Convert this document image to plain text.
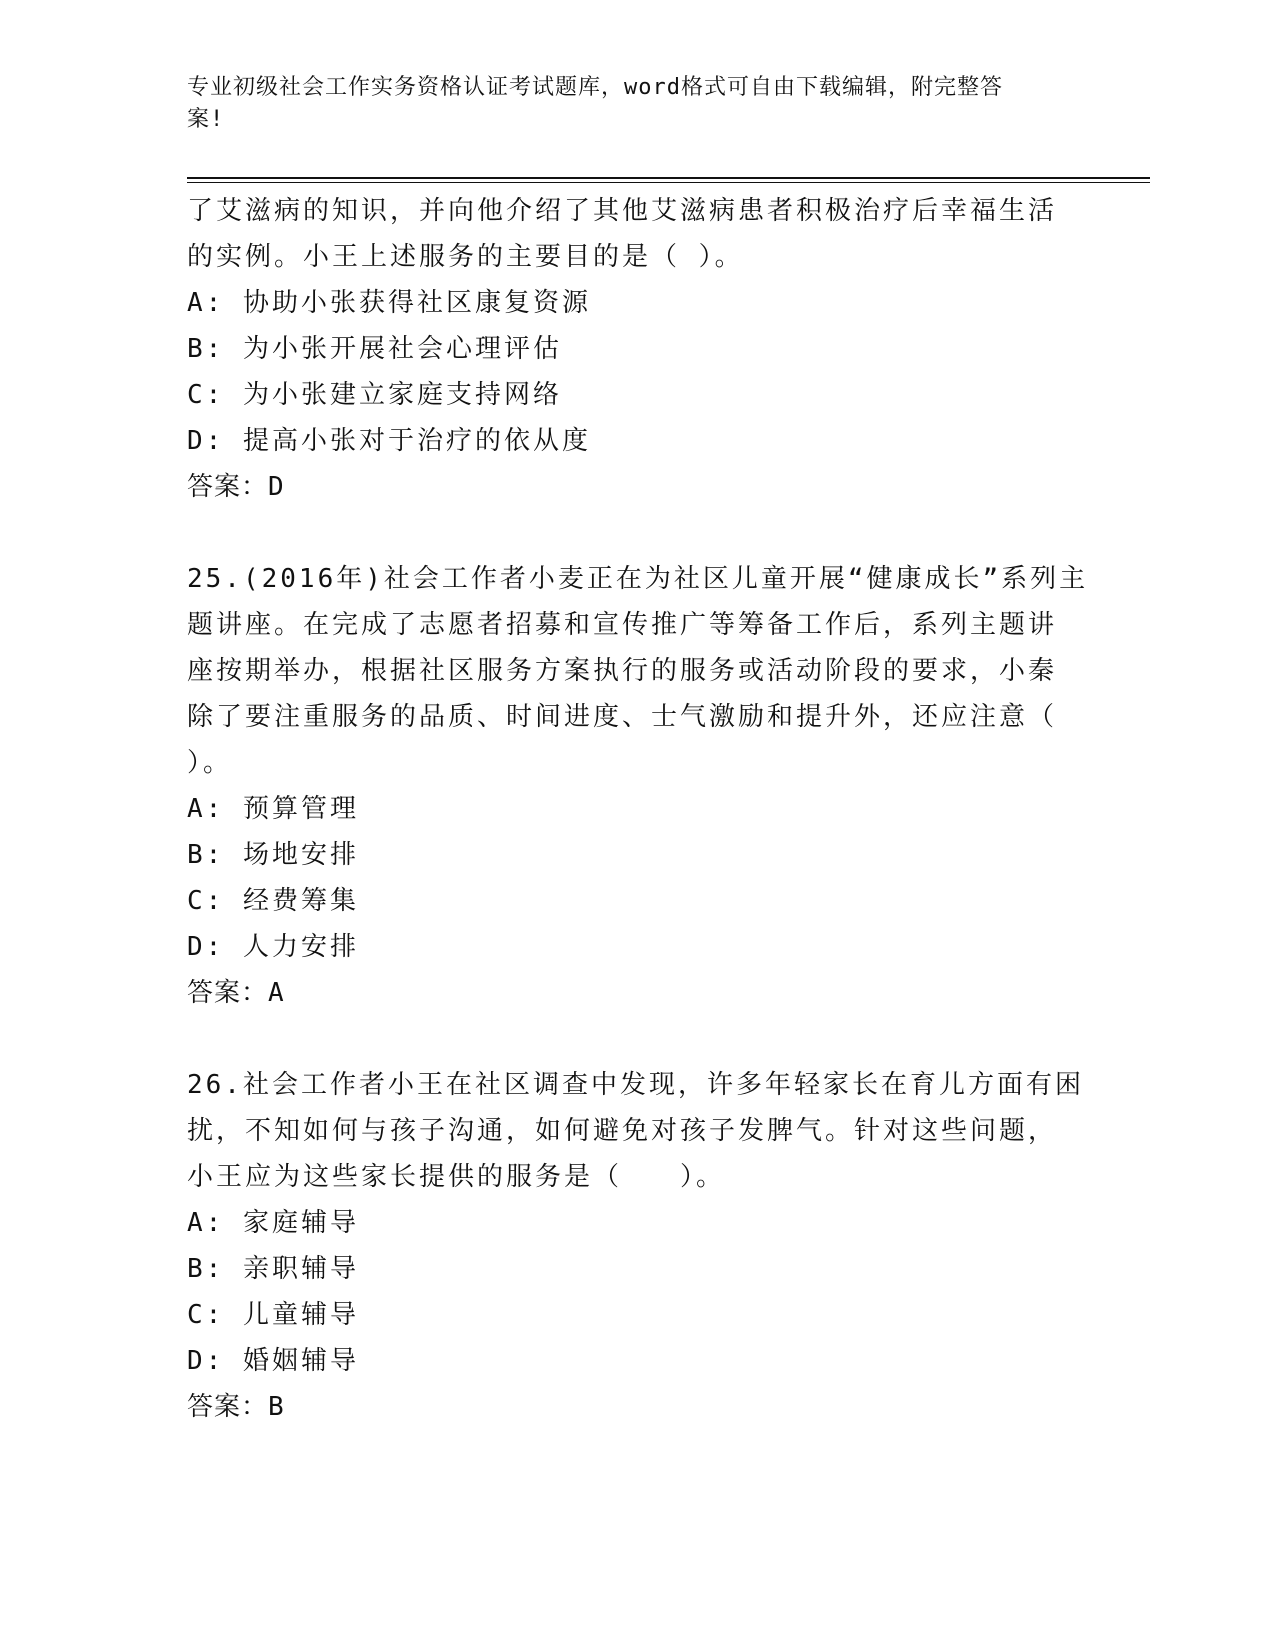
专业初级社会工作实务资格认证考试题库，word格式可自由下载编辑，附完整答
案!
了艾滋病的知识，并向他介绍了其他艾滋病患者积极治疗后幸福生活
的实例。小王上述服务的主要目的是（ ）。
A: 协助小张获得社区康复资源
B: 为小张开展社会心理评估
C: 为小张建立家庭支持网络
D: 提高小张对于治疗的依从度
答案：D
25.(2016年)社会工作者小麦正在为社区儿童开展“健康成长”系列主
题讲座。在完成了志愿者招募和宣传推广等筹备工作后，系列主题讲
座按期举办，根据社区服务方案执行的服务或活动阶段的要求，小秦
除了要注重服务的品质、时间进度、士气激励和提升外，还应注意（
）。
A: 预算管理
B: 场地安排
C: 经费筹集
D: 人力安排
答案：A
26.社会工作者小王在社区调查中发现，许多年轻家长在育儿方面有困
扰，不知如何与孩子沟通，如何避免对孩子发脾气。针对这些问题，
小王应为这些家长提供的服务是（　　）。
A: 家庭辅导
B: 亲职辅导
C: 儿童辅导
D: 婚姻辅导
答案：B
